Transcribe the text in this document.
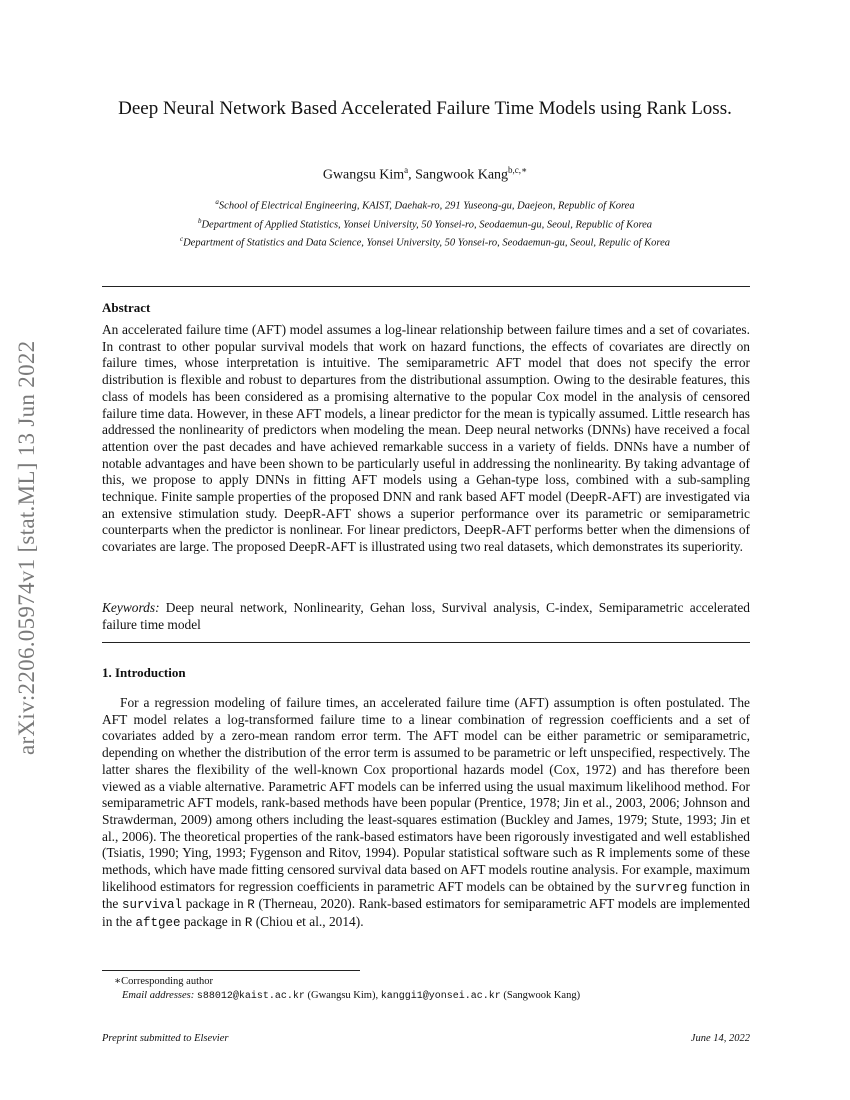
arXiv:2206.05974v1 [stat.ML] 13 Jun 2022
Deep Neural Network Based Accelerated Failure Time Models using Rank Loss.
Gwangsu Kim$^a$, Sangwook Kang$^{b,c,∗}$
$^a$School of Electrical Engineering, KAIST, Daehak-ro, 291 Yuseong-gu, Daejeon, Republic of Korea
$^b$Department of Applied Statistics, Yonsei University, 50 Yonsei-ro, Seodaemun-gu, Seoul, Republic of Korea
$^c$Department of Statistics and Data Science, Yonsei University, 50 Yonsei-ro, Seodaemun-gu, Seoul, Repulic of Korea
Abstract
An accelerated failure time (AFT) model assumes a log-linear relationship between failure times and a set of covariates. In contrast to other popular survival models that work on hazard functions, the effects of covariates are directly on failure times, whose interpretation is intuitive. The semiparametric AFT model that does not specify the error distribution is flexible and robust to departures from the distributional assumption. Owing to the desirable features, this class of models has been considered as a promising alternative to the popular Cox model in the analysis of censored failure time data. However, in these AFT models, a linear predictor for the mean is typically assumed. Little research has addressed the nonlinearity of predictors when modeling the mean. Deep neural networks (DNNs) have received a focal attention over the past decades and have achieved remarkable success in a variety of fields. DNNs have a number of notable advantages and have been shown to be particularly useful in addressing the nonlinearity. By taking advantage of this, we propose to apply DNNs in fitting AFT models using a Gehan-type loss, combined with a sub-sampling technique. Finite sample properties of the proposed DNN and rank based AFT model (DeepR-AFT) are investigated via an extensive stimulation study. DeepR-AFT shows a superior performance over its parametric or semiparametric counterparts when the predictor is nonlinear. For linear predictors, DeepR-AFT performs better when the dimensions of covariates are large. The proposed DeepR-AFT is illustrated using two real datasets, which demonstrates its superiority.
Keywords: Deep neural network, Nonlinearity, Gehan loss, Survival analysis, C-index, Semiparametric accelerated failure time model
1. Introduction
For a regression modeling of failure times, an accelerated failure time (AFT) assumption is often postulated. The AFT model relates a log-transformed failure time to a linear combination of regression coefficients and a set of covariates added by a zero-mean random error term. The AFT model can be either parametric or semiparametric, depending on whether the distribution of the error term is assumed to be parametric or left unspecified, respectively. The latter shares the flexibility of the well-known Cox proportional hazards model (Cox, 1972) and has therefore been viewed as a viable alternative. Parametric AFT models can be inferred using the usual maximum likelihood method. For semiparametric AFT models, rank-based methods have been popular (Prentice, 1978; Jin et al., 2003, 2006; Johnson and Strawderman, 2009) among others including the least-squares estimation (Buckley and James, 1979; Stute, 1993; Jin et al., 2006). The theoretical properties of the rank-based estimators have been rigorously investigated and well established (Tsiatis, 1990; Ying, 1993; Fygenson and Ritov, 1994). Popular statistical software such as R implements some of these methods, which have made fitting censored survival data based on AFT models routine analysis. For example, maximum likelihood estimators for regression coefficients in parametric AFT models can be obtained by the survreg function in the survival package in R (Therneau, 2020). Rank-based estimators for semiparametric AFT models are implemented in the aftgee package in R (Chiou et al., 2014).
∗Corresponding author
Email addresses: s88012@kaist.ac.kr (Gwangsu Kim), kanggi1@yonsei.ac.kr (Sangwook Kang)
Preprint submitted to Elsevier	June 14, 2022
